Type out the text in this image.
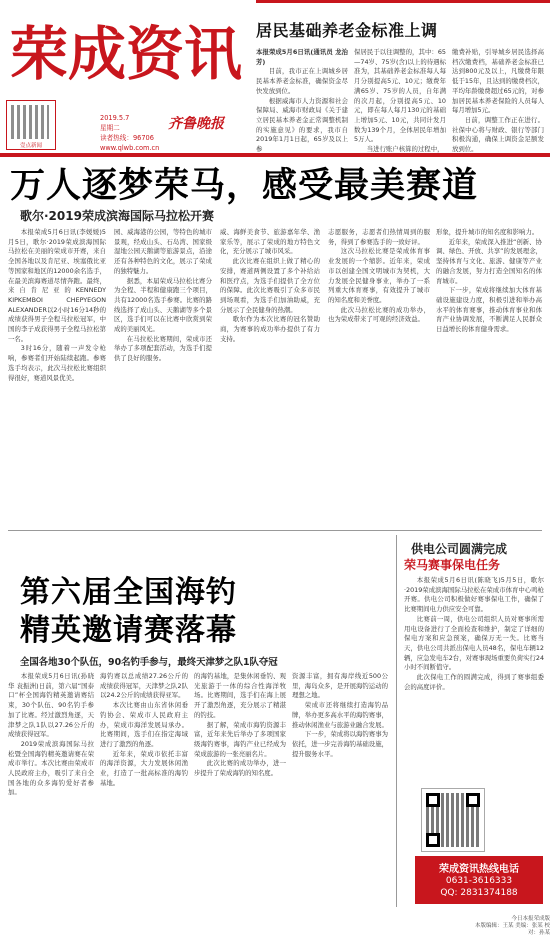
荣成资讯
壹点新闻
2019.5.7
星期二
读者热线：96706
www.qlwb.com.cn
齐鲁晚报
居民基础养老金标准上调

本报荣成5月6日讯(通讯员 龙治芳)

目前，我市正在上调城乡居民基本养老金标准，确保资金尽快发放到位。

根据威海市人力资源和社会保障局、威海市财政局《关于建立居民基本养老金正常调整机制的实施意见》的要求，我市自2019年1月1日起，65岁及以上参

保居民于以往调整的，其中：65—74岁、75岁(含)以上的待遇标准为，其基础养老金标准每人每月分别提高5元、10元；缴费年满65岁、75岁的人员，自年满的次月起，分别提高5元、10元，即在每人每月130元的基础上增加5元、10元，共同计发月数为139个月，全体居民年增加5万人。

当进行账户核算的过程中，

缴费补贴，引导城乡居民选择高档次缴费档，基础养老金标准已达到800元及以上，凡缴费年限低于15年，且达到的缴费档次，平均年龄缴费超过65元的，对参加居民基本养老保险的人员每人每月增加5元。

日前，调整工作正在进行。社保中心将与财政、银行等部门积极沟通，确保上调资金足额发放到位。

万人逐梦荣马，感受最美赛道
歌尔·2019荣成滨海国际马拉松开赛

本报荣成5月6日讯(李媛媛)5月5日，歌尔·2019荣成滨海国际马拉松在美丽的荣成市开赛，来自全国各地以及肯尼亚、埃塞俄比亚等国家和地区的12000余名选手，在最美滨海赛道尽情奔跑。最终，来自肯尼亚的KENNEDY KIPKEMBOI CHEPYEGON ALEXANDER以2小时16分14秒的成绩获得男子全程马拉松冠军，中国的李子成获得男子全程马拉松第一名。

3时16分，随着一声发令枪响，参赛者们开始陆续起跑。参赛选手均表示，此次马拉松比赛组织得很好，赛道风景优美。

园、威海港的公园，等特色的城市景观，经成山头、石岛湾、国家级湿地公园天鹅湖等旅游景点，沿途还有各种特色的文化，展示了荣成的独特魅力。

据悉，本届荣成马拉松比赛分为全程、半程和健康跑三个项目，共有12000名选手参赛。比赛的路线选择了成山头、天鹅湖等多个景区，选手们可以在比赛中欣赏到荣成的美丽风光。

在马拉松比赛期间，荣成市还举办了多项配套活动，为选手们提供了良好的服务。

威、海鲜美食节、旅游嘉年华、渔家乐等，展示了荣成的地方特色文化，充分展示了城市风采。

此次比赛在组织上做了精心的安排，赛道两侧设置了多个补给站和医疗点，为选手们提供了全方位的保障。此次比赛吸引了众多市民到场观看，为选手们加油助威，充分展示了全民健身的热潮。

歌尔作为本次比赛的冠名赞助商，为赛事的成功举办提供了有力支持。

志愿服务，志愿者们热情周到的服务，得到了参赛选手的一致好评。

这次马拉松比赛是荣成体育事业发展的一个缩影。近年来，荣成市以创建全国文明城市为契机，大力发展全民健身事业，举办了一系列重大体育赛事，有效提升了城市的知名度和美誉度。

此次马拉松比赛的成功举办，也为荣成带来了可观的经济效益。

形象，提升城市的知名度和影响力。

近年来，荣成深入推进“创新、协调、绿色、开放、共享”的发展理念，坚持体育与文化、旅游、健康等产业的融合发展，努力打造全国知名的体育城市。

下一步，荣成将继续加大体育基础设施建设力度，积极引进和举办高水平的体育赛事，推动体育事业和体育产业协调发展，不断满足人民群众日益增长的体育健身需求。

第六届全国海钓
精英邀请赛落幕
全国各地30个队伍，90名钓手参与，最终天津梦之队1队夺冠

本报荣成5月6日讯(孙晓华 袁振洲)日前，第六届“国泰口”杯全国海钓精英邀请赛结束，30个队伍、90名钓手参加了比赛。经过激烈角逐，天津梦之队1队以27.26公斤的成绩获得冠军。

2019荣成滨海国际马拉松暨全国海钓精英邀请赛在荣成市举行。本次比赛由荣成市人民政府主办，吸引了来自全国各地的众多海钓爱好者参加。

海钓赛以总成绩27.26公斤的成绩获得冠军，天津梦之队2队以24.2公斤的成绩获得亚军。

本次比赛由山东省休闲垂钓协会、荣成市人民政府主办，荣成市海洋发展局承办。比赛期间，选手们在指定海域进行了激烈的角逐。

近年来，荣成市依托丰富的海洋资源，大力发展休闲渔业，打造了一批高标准的海钓基地。

的海钓基地，是集休闲垂钓、观光旅游于一体的综合性海洋牧场。比赛期间，选手们在海上展开了激烈角逐，充分展示了精湛的钓技。

据了解，荣成市海钓资源丰富，近年来先后举办了多项国家级海钓赛事，海钓产业已经成为荣成旅游的一张亮丽名片。

此次比赛的成功举办，进一步提升了荣成海钓的知名度。

资源丰富，拥有海岸线近500公里，海岛众多，是开展海钓运动的理想之地。

荣成市还将继续打造海钓品牌，举办更多高水平的海钓赛事，推动休闲渔业与旅游业融合发展。

下一步，荣成将以海钓赛事为依托，进一步完善海钓基础设施，提升服务水平。

供电公司圆满完成
荣马赛事保电任务

本报荣成5月6日讯(陈晓飞)5月5日，歌尔·2019荣成滨海国际马拉松在荣成市体育中心鸣枪开赛。供电公司积极做好赛事保电工作，确保了比赛期间电力供应安全可靠。

比赛前一周，供电公司组织人员对赛事所需用电设备进行了全面检查和维护，制定了详细的保电方案和应急预案，确保万无一失。比赛当天，供电公司共派出保电人员48名，保电车辆12辆，应急发电车2台，对赛事现场重要负荷实行24小时不间断值守。

此次保电工作的圆满完成，得到了赛事组委会的高度评价。

荣成资讯热线电话
0631-3616333
QQ: 2831374188
今日本报荣成版
本版编辑：王某 美编：张某 校对：孙某
